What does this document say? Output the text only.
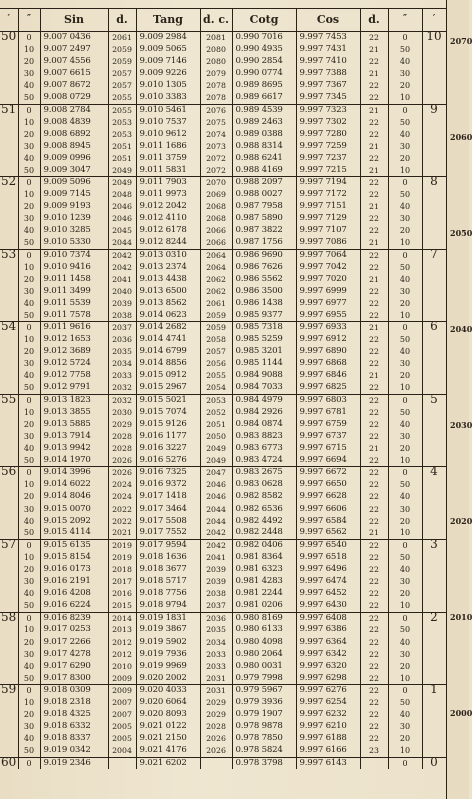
′	″	Sin	d.	Tang	d. c.	Cotg	Cos	d.	″	′
50	0	9.007 0436	2061	9.009 2984	2081	0.990 7016	9.997 7453	22	0	10
	10	9.007 2497	2059	9.009 5065	2080	0.990 4935	9.997 7431	21	50	
	20	9.007 4556	2059	9.009 7146	2080	0.990 2854	9.997 7410	22	40	
	30	9.007 6615	2057	9.009 9226	2079	0.990 0774	9.997 7388	21	30	
	40	9.007 8672	2057	9.010 1305	2078	0.989 8695	9.997 7367	22	20	
	50	9.008 0729	2055	9.010 3383	2078	0.989 6617	9.997 7345	22	10	
51	0	9.008 2784	2055	9.010 5461	2076	0.989 4539	9.997 7323	21	0	9
	10	9.008 4839	2053	9.010 7537	2075	0.989 2463	9.997 7302	22	50	
	20	9.008 6892	2053	9.010 9612	2074	0.989 0388	9.997 7280	22	40	
	30	9.008 8945	2051	9.011 1686	2073	0.988 8314	9.997 7259	21	30	
	40	9.009 0996	2051	9.011 3759	2072	0.988 6241	9.997 7237	22	20	
	50	9.009 3047	2049	9.011 5831	2072	0.988 4169	9.997 7215	21	10	
52	0	9.009 5096	2049	9.011 7903	2070	0.988 2097	9.997 7194	22	0	8
	10	9.009 7145	2048	9.011 9973	2069	0.988 0027	9.997 7172	22	50	
	20	9.009 9193	2046	9.012 2042	2068	0.987 7958	9.997 7151	21	40	
	30	9.010 1239	2046	9.012 4110	2068	0.987 5890	9.997 7129	22	30	
	40	9.010 3285	2045	9.012 6178	2066	0.987 3822	9.997 7107	22	20	
	50	9.010 5330	2044	9.012 8244	2066	0.987 1756	9.997 7086	21	10	
53	0	9.010 7374	2042	9.013 0310	2064	0.986 9690	9.997 7064	22	0	7
	10	9.010 9416	2042	9.013 2374	2064	0.986 7626	9.997 7042	22	50	
	20	9.011 1458	2041	9.013 4438	2062	0.986 5562	9.997 7020	21	40	
	30	9.011 3499	2040	9.013 6500	2062	0.986 3500	9.997 6999	22	30	
	40	9.011 5539	2039	9.013 8562	2061	0.986 1438	9.997 6977	22	20	
	50	9.011 7578	2038	9.014 0623	2059	0.985 9377	9.997 6955	22	10	
54	0	9.011 9616	2037	9.014 2682	2059	0.985 7318	9.997 6933	21	0	6
	10	9.012 1653	2036	9.014 4741	2058	0.985 5259	9.997 6912	22	50	
	20	9.012 3689	2035	9.014 6799	2057	0.985 3201	9.997 6890	22	40	
	30	9.012 5724	2034	9.014 8856	2056	0.985 1144	9.997 6868	22	30	
	40	9.012 7758	2033	9.015 0912	2055	0.984 9088	9.997 6846	21	20	
	50	9.012 9791	2032	9.015 2967	2054	0.984 7033	9.997 6825	22	10	
55	0	9.013 1823	2032	9.015 5021	2053	0.984 4979	9.997 6803	22	0	5
	10	9.013 3855	2030	9.015 7074	2052	0.984 2926	9.997 6781	22	50	
	20	9.013 5885	2029	9.015 9126	2051	0.984 0874	9.997 6759	22	40	
	30	9.013 7914	2028	9.016 1177	2050	0.983 8823	9.997 6737	22	30	
	40	9.013 9942	2028	9.016 3227	2049	0.983 6773	9.997 6715	21	20	
	50	9.014 1970	2026	9.016 5276	2049	0.983 4724	9.997 6694	22	10	
56	0	9.014 3996	2026	9.016 7325	2047	0.983 2675	9.997 6672	22	0	4
	10	9.014 6022	2024	9.016 9372	2046	0.983 0628	9.997 6650	22	50	
	20	9.014 8046	2024	9.017 1418	2046	0.982 8582	9.997 6628	22	40	
	30	9.015 0070	2022	9.017 3464	2044	0.982 6536	9.997 6606	22	30	
	40	9.015 2092	2022	9.017 5508	2044	0.982 4492	9.997 6584	22	20	
	50	9.015 4114	2021	9.017 7552	2042	0.982 2448	9.997 6562	21	10	
57	0	9.015 6135	2019	9.017 9594	2042	0.982 0406	9.997 6540	22	0	3
	10	9.015 8154	2019	9.018 1636	2041	0.981 8364	9.997 6518	22	50	
	20	9.016 0173	2018	9.018 3677	2039	0.981 6323	9.997 6496	22	40	
	30	9.016 2191	2017	9.018 5717	2039	0.981 4283	9.997 6474	22	30	
	40	9.016 4208	2016	9.018 7756	2038	0.981 2244	9.997 6452	22	20	
	50	9.016 6224	2015	9.018 9794	2037	0.981 0206	9.997 6430	22	10	
58	0	9.016 8239	2014	9.019 1831	2036	0.980 8169	9.997 6408	22	0	2
	10	9.017 0253	2013	9.019 3867	2035	0.980 6133	9.997 6386	22	50	
	20	9.017 2266	2012	9.019 5902	2034	0.980 4098	9.997 6364	22	40	
	30	9.017 4278	2012	9.019 7936	2033	0.980 2064	9.997 6342	22	30	
	40	9.017 6290	2010	9.019 9969	2033	0.980 0031	9.997 6320	22	20	
	50	9.017 8300	2009	9.020 2002	2031	0.979 7998	9.997 6298	22	10	
59	0	9.018 0309	2009	9.020 4033	2031	0.979 5967	9.997 6276	22	0	1
	10	9.018 2318	2007	9.020 6064	2029	0.979 3936	9.997 6254	22	50	
	20	9.018 4325	2007	9.020 8093	2029	0.979 1907	9.997 6232	22	40	
	30	9.018 6332	2005	9.021 0122	2028	0.978 9878	9.997 6210	22	30	
	40	9.018 8337	2005	9.021 2150	2026	0.978 7850	9.997 6188	22	20	
	50	9.019 0342	2004	9.021 4176	2026	0.978 5824	9.997 6166	23	10	
60	0	9.019 2346		9.021 6202		0.978 3798	9.997 6143		0	0
2070
2060
2050
2040
2030
2020
2010
2000
